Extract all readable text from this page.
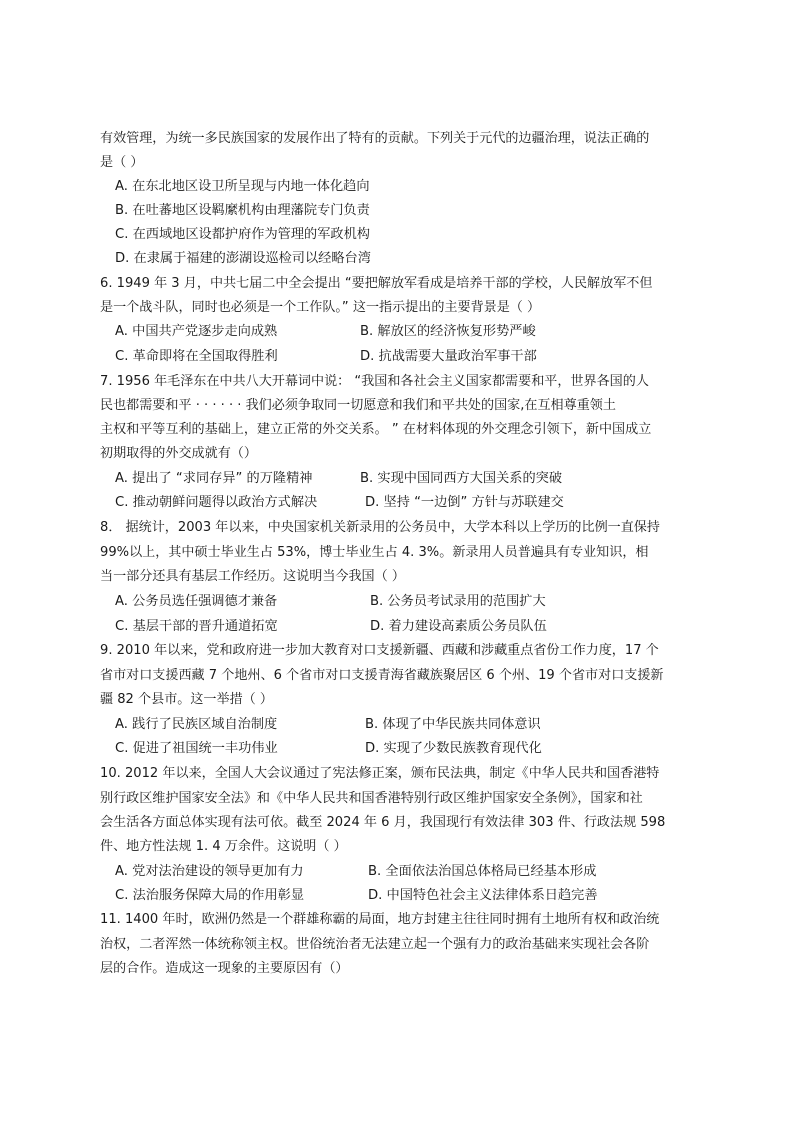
有效管理，为统一多民族国家的发展作出了特有的贡献。下列关于元代的边疆治理，说法正确的
是（ ）
A. 在东北地区设卫所呈现与内地一体化趋向
B. 在吐蕃地区设羁縻机构由理藩院专门负责
C. 在西域地区设都护府作为管理的军政机构
D. 在隶属于福建的澎湖设巡检司以经略台湾
6. 1949 年 3 月，中共七届二中全会提出 “要把解放军看成是培养干部的学校，人民解放军不但
是一个战斗队，同时也必须是一个工作队。” 这一指示提出的主要背景是（ ）
A. 中国共产党逐步走向成熟	B. 解放区的经济恢复形势严峻
C. 革命即将在全国取得胜利	D. 抗战需要大量政治军事干部
7. 1956 年毛泽东在中共八大开幕词中说： “我国和各社会主义国家都需要和平，世界各国的人
民也都需要和平 · · · · · · 我们必须争取同一切愿意和我们和平共处的国家,在互相尊重领土
主权和平等互利的基础上，建立正常的外交关系。 ” 在材料体现的外交理念引领下，新中国成立
初期取得的外交成就有（）
A. 提出了 “求同存异” 的万隆精神	B. 实现中国同西方大国关系的突破
C. 推动朝鲜问题得以政治方式解决	D. 坚持 “一边倒” 方针与苏联建交
8． 据统计，2003 年以来，中央国家机关新录用的公务员中，大学本科以上学历的比例一直保持
99%以上，其中硕士毕业生占 53%，博士毕业生占 4. 3%。新录用人员普遍具有专业知识，相
当一部分还具有基层工作经历。这说明当今我国（ ）
A. 公务员选任强调德才兼备	B. 公务员考试录用的范围扩大
C. 基层干部的晋升通道拓宽	D. 着力建设高素质公务员队伍
9. 2010 年以来，党和政府进一步加大教育对口支援新疆、西藏和涉藏重点省份工作力度，17 个
省市对口支援西藏 7 个地州、6 个省市对口支援青海省藏族聚居区 6 个州、19 个省市对口支援新
疆 82 个县市。这一举措（ ）
A. 践行了民族区域自治制度	B. 体现了中华民族共同体意识
C. 促进了祖国统一丰功伟业	D. 实现了少数民族教育现代化
10. 2012 年以来，全国人大会议通过了宪法修正案，颁布民法典，制定《中华人民共和国香港特
别行政区维护国家安全法》和《中华人民共和国香港特别行政区维护国家安全条例》，国家和社
会生活各方面总体实现有法可依。截至 2024 年 6 月，我国现行有效法律 303 件、行政法规 598
件、地方性法规 1. 4 万余件。这说明（ ）
A. 党对法治建设的领导更加有力	B. 全面依法治国总体格局已经基本形成
C. 法治服务保障大局的作用彰显	D. 中国特色社会主义法律体系日趋完善
11. 1400 年时，欧洲仍然是一个群雄称霸的局面，地方封建主往往同时拥有土地所有权和政治统
治权，二者浑然一体统称领主权。世俗统治者无法建立起一个强有力的政治基础来实现社会各阶
层的合作。造成这一现象的主要原因有（）
